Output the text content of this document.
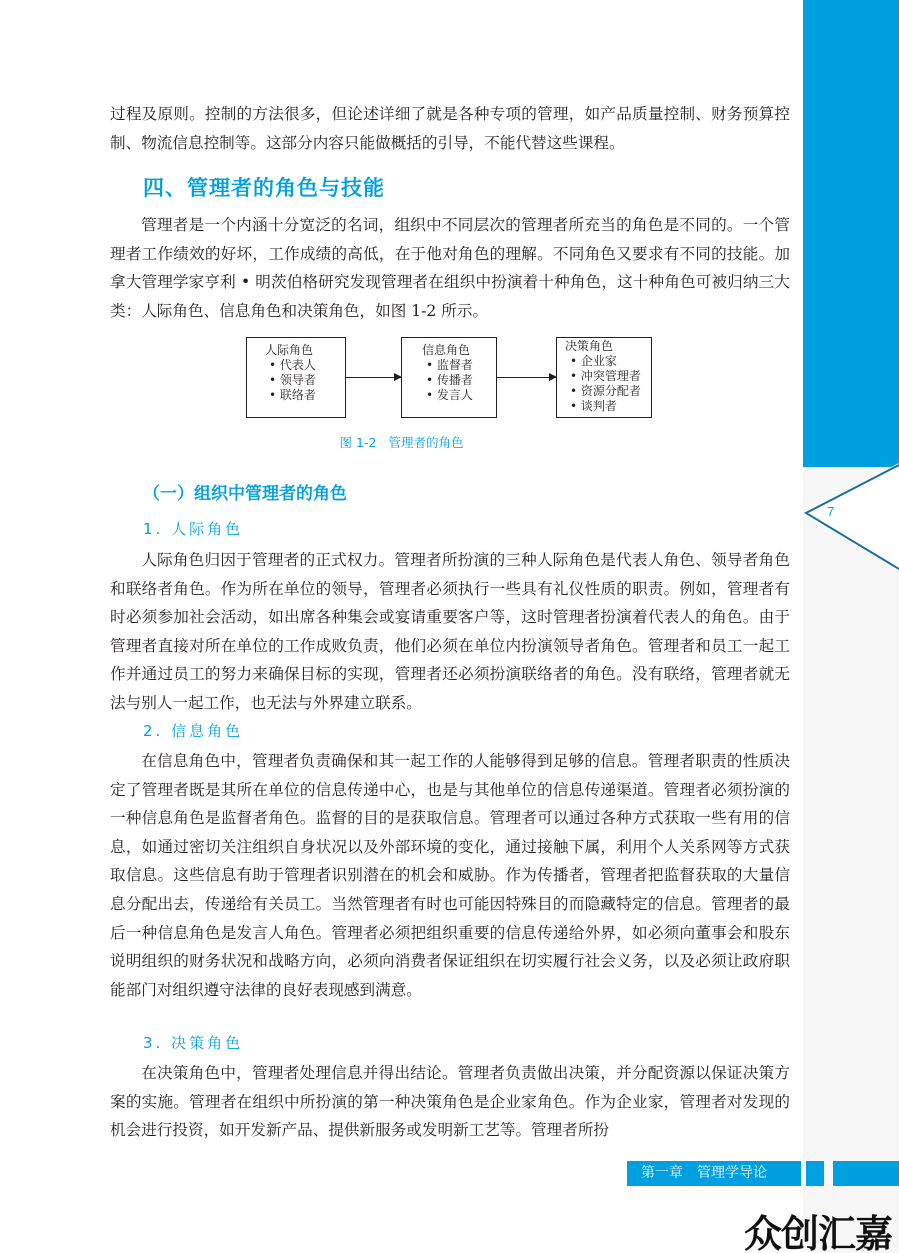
7
过程及原则。控制的方法很多，但论述详细了就是各种专项的管理，如产品质量控制、财务预算控制、物流信息控制等。这部分内容只能做概括的引导，不能代替这些课程。
四、管理者的角色与技能
管理者是一个内涵十分宽泛的名词，组织中不同层次的管理者所充当的角色是不同的。一个管理者工作绩效的好坏，工作成绩的高低，在于他对角色的理解。不同角色又要求有不同的技能。加拿大管理学家亨利 • 明茨伯格研究发现管理者在组织中扮演着十种角色，这十种角色可被归纳三大类：人际角色、信息角色和决策角色，如图 1-2 所示。
人际角色
• 代表人
• 领导者
• 联络者
信息角色
• 监督者
• 传播者
• 发言人
决策角色
• 企业家
• 冲突管理者
• 资源分配者
• 谈判者
图 1-2 管理者的角色
（一）组织中管理者的角色
1. 人际角色
人际角色归因于管理者的正式权力。管理者所扮演的三种人际角色是代表人角色、领导者角色和联络者角色。作为所在单位的领导，管理者必须执行一些具有礼仪性质的职责。例如，管理者有时必须参加社会活动，如出席各种集会或宴请重要客户等，这时管理者扮演着代表人的角色。由于管理者直接对所在单位的工作成败负责，他们必须在单位内扮演领导者角色。管理者和员工一起工作并通过员工的努力来确保目标的实现，管理者还必须扮演联络者的角色。没有联络，管理者就无法与别人一起工作，也无法与外界建立联系。
2. 信息角色
在信息角色中，管理者负责确保和其一起工作的人能够得到足够的信息。管理者职责的性质决定了管理者既是其所在单位的信息传递中心，也是与其他单位的信息传递渠道。管理者必须扮演的一种信息角色是监督者角色。监督的目的是获取信息。管理者可以通过各种方式获取一些有用的信息，如通过密切关注组织自身状况以及外部环境的变化，通过接触下属，利用个人关系网等方式获取信息。这些信息有助于管理者识别潜在的机会和威胁。作为传播者，管理者把监督获取的大量信息分配出去，传递给有关员工。当然管理者有时也可能因特殊目的而隐藏特定的信息。管理者的最后一种信息角色是发言人角色。管理者必须把组织重要的信息传递给外界，如必须向董事会和股东说明组织的财务状况和战略方向，必须向消费者保证组织在切实履行社会义务，以及必须让政府职能部门对组织遵守法律的良好表现感到满意。
3. 决策角色
在决策角色中，管理者处理信息并得出结论。管理者负责做出决策，并分配资源以保证决策方案的实施。管理者在组织中所扮演的第一种决策角色是企业家角色。作为企业家，管理者对发现的机会进行投资，如开发新产品、提供新服务或发明新工艺等。管理者所扮
第一章　管理学导论
众创汇嘉
